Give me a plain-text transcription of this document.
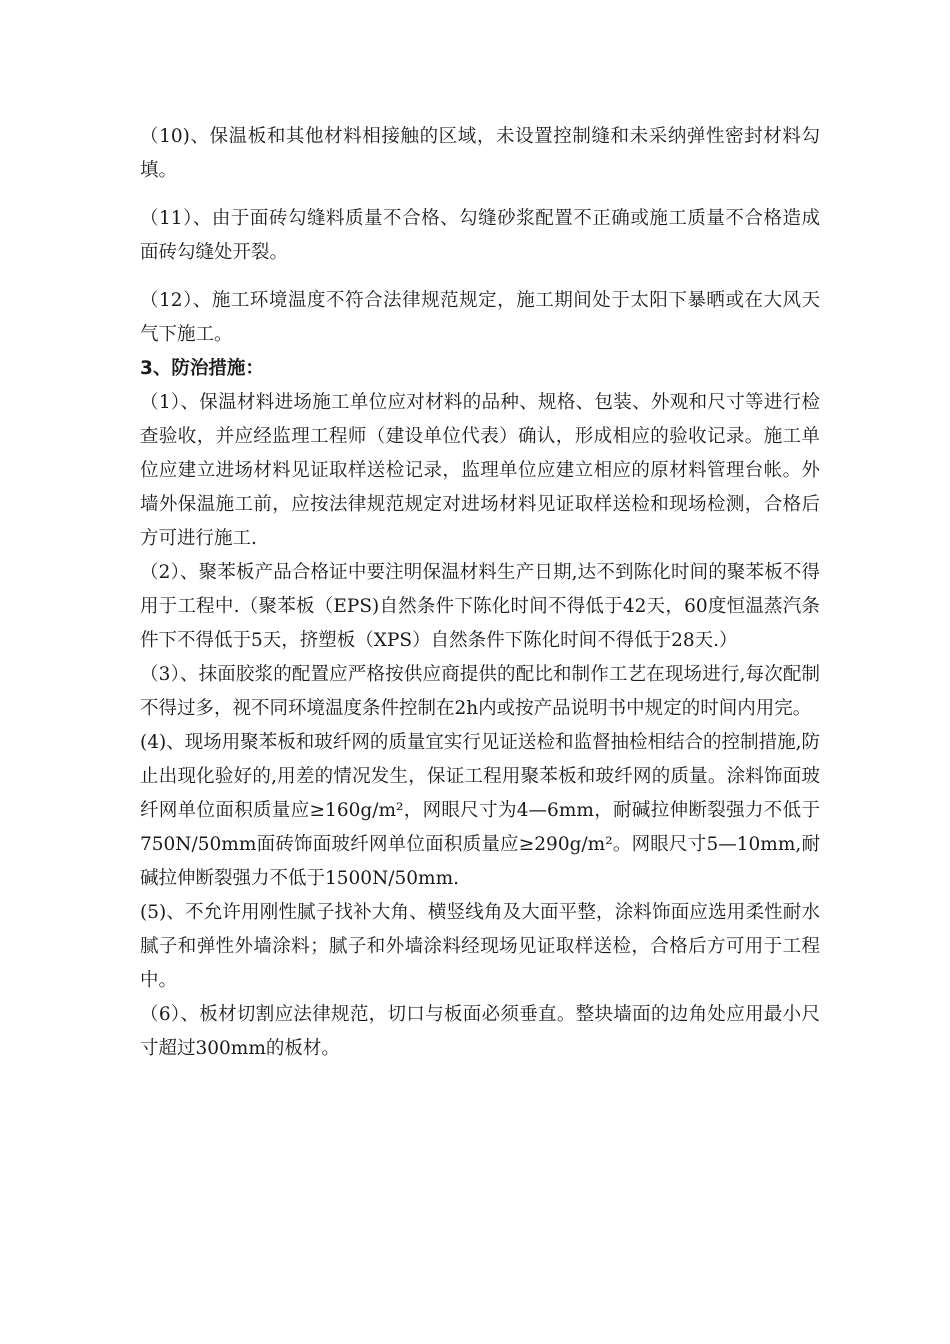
（10)、保温板和其他材料相接触的区域，未设置控制缝和未采纳弹性密封材料勾填。

（11）、由于面砖勾缝料质量不合格、勾缝砂浆配置不正确或施工质量不合格造成面砖勾缝处开裂。

（12）、施工环境温度不符合法律规范规定，施工期间处于太阳下暴晒或在大风天气下施工。

3、防治措施：

（1）、保温材料进场施工单位应对材料的品种、规格、包装、外观和尺寸等进行检查验收，并应经监理工程师（建设单位代表）确认，形成相应的验收记录。施工单位应建立进场材料见证取样送检记录，监理单位应建立相应的原材料管理台帐。外墙外保温施工前，应按法律规范规定对进场材料见证取样送检和现场检测，合格后方可进行施工.

（2）、聚苯板产品合格证中要注明保温材料生产日期,达不到陈化时间的聚苯板不得用于工程中.（聚苯板（EPS)自然条件下陈化时间不得低于42天，60度恒温蒸汽条件下不得低于5天，挤塑板（XPS）自然条件下陈化时间不得低于28天.）

（3）、抹面胶浆的配置应严格按供应商提供的配比和制作工艺在现场进行,每次配制不得过多，视不同环境温度条件控制在2h内或按产品说明书中规定的时间内用完。

(4)、现场用聚苯板和玻纤网的质量宜实行见证送检和监督抽检相结合的控制措施,防止出现化验好的,用差的情况发生，保证工程用聚苯板和玻纤网的质量。涂料饰面玻纤网单位面积质量应≥160g/m²，网眼尺寸为4—6mm，耐碱拉伸断裂强力不低于750N/50mm面砖饰面玻纤网单位面积质量应≥290g/m²。网眼尺寸5—10mm,耐碱拉伸断裂强力不低于1500N/50mm.

(5)、不允许用刚性腻子找补大角、横竖线角及大面平整，涂料饰面应选用柔性耐水腻子和弹性外墙涂料；腻子和外墙涂料经现场见证取样送检，合格后方可用于工程中。

（6）、板材切割应法律规范，切口与板面必须垂直。整块墙面的边角处应用最小尺寸超过300mm的板材。
